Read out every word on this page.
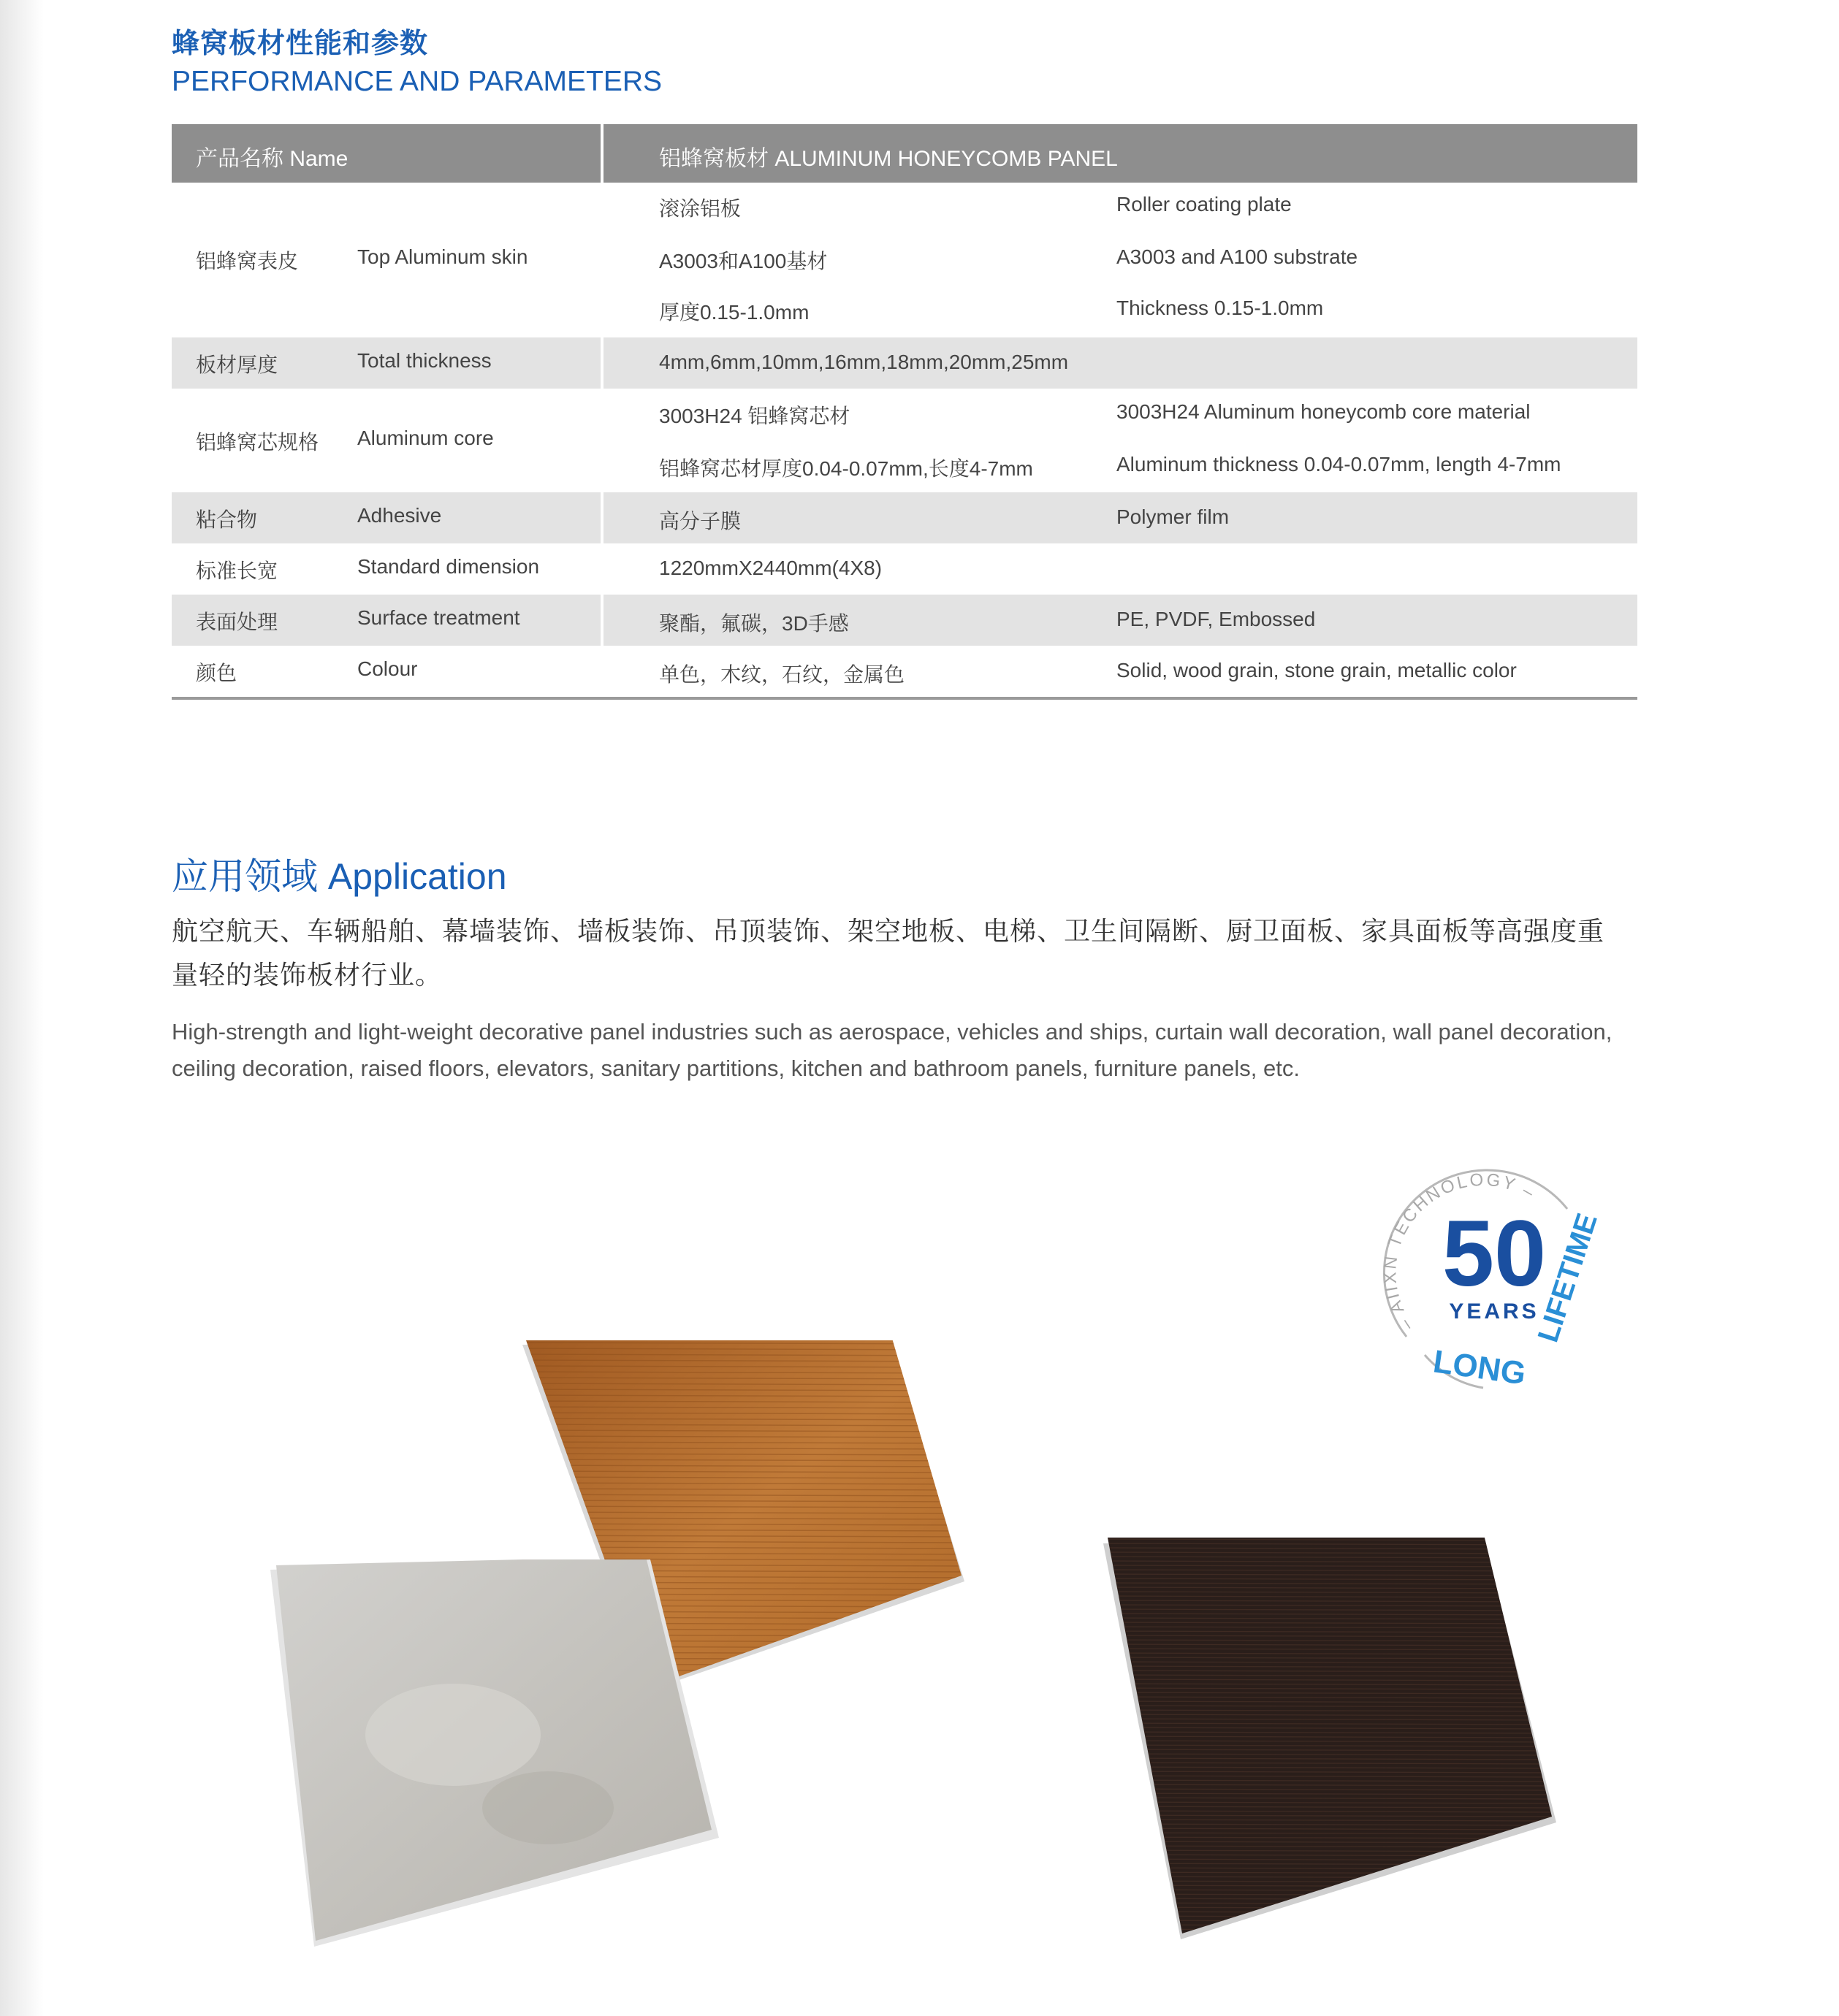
蜂窝板材性能和参数
PERFORMANCE AND PARAMETERS
产品名称 Name	铝蜂窝板材 ALUMINUM HONEYCOMB PANEL
铝蜂窝表皮	Top Aluminum skin
滚涂铝板	Roller coating plate
A3003和A100基材	A3003 and A100 substrate
厚度0.15-1.0mm	Thickness 0.15-1.0mm
板材厚度	Total thickness	4mm,6mm,10mm,16mm,18mm,20mm,25mm
铝蜂窝芯规格 Aluminum core
3003H24 铝蜂窝芯材	3003H24 Aluminum honeycomb core material
铝蜂窝芯材厚度0.04-0.07mm,长度4-7mm	Aluminum thickness 0.04-0.07mm, length 4-7mm
粘合物	Adhesive	高分子膜	Polymer film
标准长宽	Standard dimension	1220mmX2440mm(4X8)
表面处理	Surface treatment	聚酯，氟碳，3D手感	PE, PVDF, Embossed
颜色	Colour	单色，木纹，石纹，金属色	Solid, wood grain, stone grain, metallic color
应用领域 Application
航空航天、车辆船舶、幕墙装饰、墙板装饰、吊顶装饰、架空地板、电梯、卫生间隔断、厨卫面板、家具面板等高强度重量轻的装饰板材行业。
High-strength and light-weight decorative panel industries such as aerospace, vehicles and ships, curtain wall decoration, wall panel decoration, ceiling decoration, raised floors, elevators, sanitary partitions, kitchen and bathroom panels, furniture panels, etc.
– AIIXN TECHNOLOGY –
50
YEARS
LONG
LIFETIME
